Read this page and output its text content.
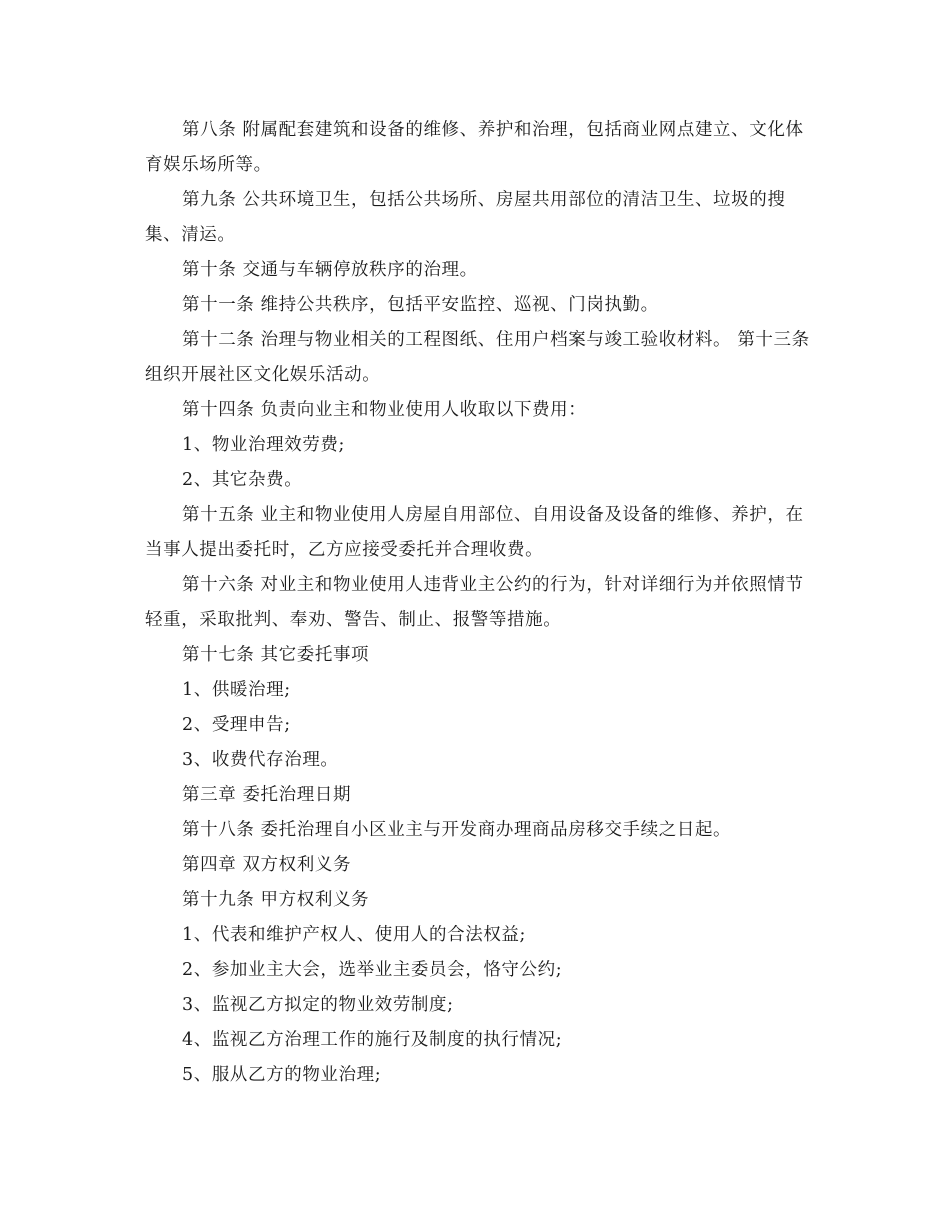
第八条 附属配套建筑和设备的维修、养护和治理，包括商业网点建立、文化体育娱乐场所等。

第九条 公共环境卫生，包括公共场所、房屋共用部位的清洁卫生、垃圾的搜集、清运。

第十条 交通与车辆停放秩序的治理。

第十一条 维持公共秩序，包括平安监控、巡视、门岗执勤。

第十二条 治理与物业相关的工程图纸、住用户档案与竣工验收材料。 第十三条 组织开展社区文化娱乐活动。

第十四条 负责向业主和物业使用人收取以下费用：

1、物业治理效劳费;

2、其它杂费。

第十五条 业主和物业使用人房屋自用部位、自用设备及设备的维修、养护，在当事人提出委托时，乙方应接受委托并合理收费。

第十六条 对业主和物业使用人违背业主公约的行为，针对详细行为并依照情节轻重，采取批判、奉劝、警告、制止、报警等措施。

第十七条 其它委托事项

1、供暖治理;

2、受理申告;

3、收费代存治理。

第三章 委托治理日期

第十八条 委托治理自小区业主与开发商办理商品房移交手续之日起。

第四章 双方权利义务

第十九条 甲方权利义务

1、代表和维护产权人、使用人的合法权益;

2、参加业主大会，选举业主委员会，恪守公约;

3、监视乙方拟定的物业效劳制度;

4、监视乙方治理工作的施行及制度的执行情况;

5、服从乙方的物业治理;
